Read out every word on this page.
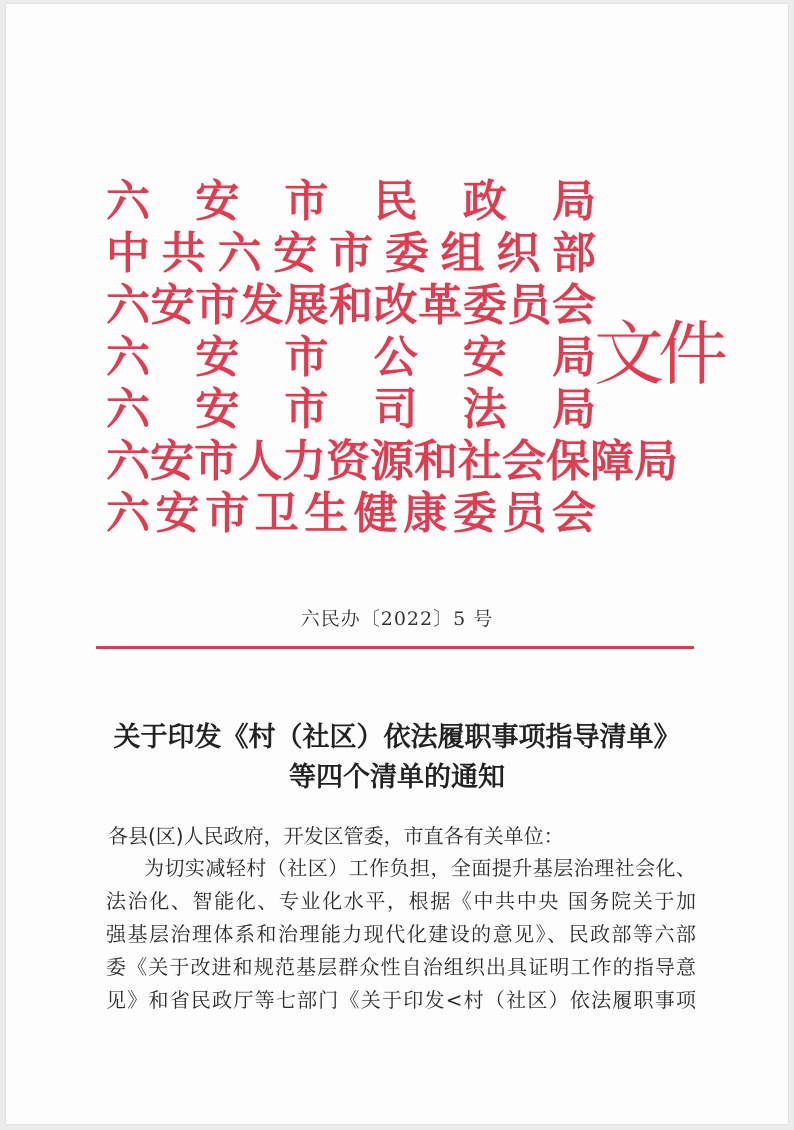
六 安 市 民 政 局
中 共 六 安 市 委 组 织 部
六 安 市 发 展 和 改 革 委 员 会
六 安 市 公 安 局
六 安 市 司 法 局
六 安 市 人 力 资 源 和 社 会 保 障 局
六 安 市 卫 生 健 康 委 员 会
文件
六民办〔2022〕5 号
关于印发《村（社区）依法履职事项指导清单》
等四个清单的通知
各县(区)人民政府，开发区管委，市直各有关单位：
为切实减轻村（社区）工作负担，全面提升基层治理社会化、
法治化、智能化、专业化水平，根据《中共中央 国务院关于加
强基层治理体系和治理能力现代化建设的意见》、民政部等六部
委《关于改进和规范基层群众性自治组织出具证明工作的指导意
见》和省民政厅等七部门《关于印发<村（社区）依法履职事项
